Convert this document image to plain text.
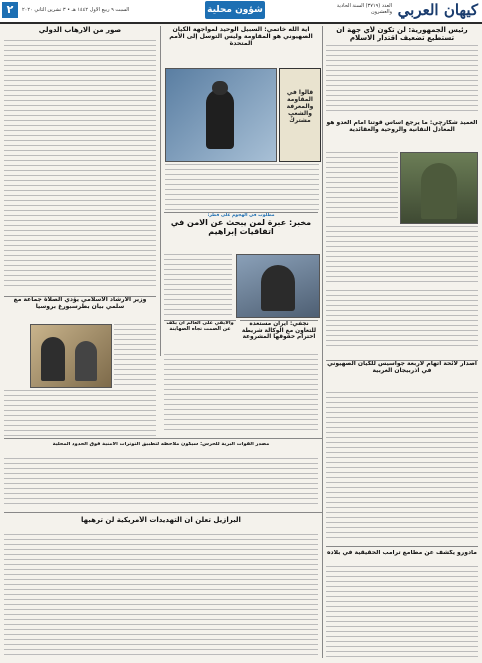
كيهان العربي
العدد (٣٧١٩) السنة الحادية والعشرون
شؤون محلية
السبت ٩ ربيع الاول ١٤٤٢ هـ • ٣ تشرين الثاني ٢٠٢٠
٢

رئيس الجمهورية: لن تكون لأي جهة ان تستطيع تضعيف اقتدار الاسلام

آية الله خاتمي: السبيل الوحيد لمواجهة الكيان الصهيوني هو المقاومة وليس التوسل إلى الأمم المتحدة

قالوا في المقاومة والمعرفة والشعب مشتركٌ

صور من الارهاب الدولي

العميد شكارچي: ما يرجع أساس قوتنا أمام العدو هو المعادل التقانية والروحية والعقائدية

مطلوب في الهجوم على قطر:

مخبر: عبرة لمن يبحث عن الامن في اتفاقيات إبراهيم

نجفي: ايران مستعدة للتعاون مع الوكالة شريطة احترام حقوقها المشروعة

والايفي على العالم أن يكف عن الصمت تجاه الصهاينة

اصدار لائحة اتهام لأربعة جواسيس للكيان الصهيوني في اذربيجان الغربية

وزير الارشاد الاسلامي يؤدي الصلاة جماعة مع سلمي بيان بطرسبورغ بروسيا

مصدر القوات البرية للحرس: سيكون ملاحظه لتطبيق التوترات الامنية فوق الحدود المحلية

البرازيل تعلن ان التهديدات الأمريكية لن ترهبها

مادورو يكشف عن مطامع ترامب الحقيقية في بلاده
